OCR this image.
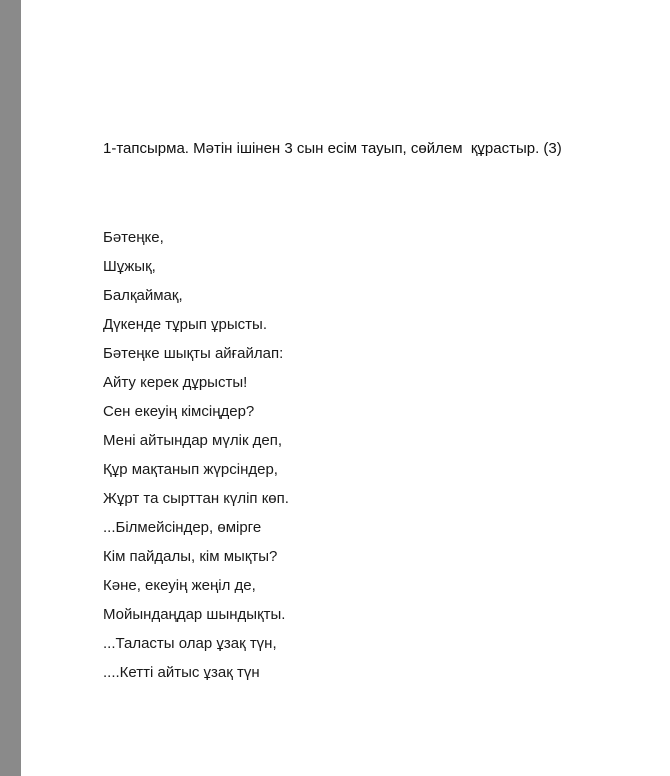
1-тапсырма. Мәтін ішінен 3 сын есім тауып, сөйлем  құрастыр. (3)

Бәтеңке,
Шұжық,
Балқаймақ,
Дүкенде тұрып ұрысты.
Бәтеңке шықты айғайлап:
Айту керек дұрысты!
Сен екеуің кімсіңдер?
Мені айтындар мүлік деп,
Құр мақтанып жүрсіндер,
Жұрт та сырттан күліп көп.
...Білмейсіндер, өмірге
Кім пайдалы, кім мықты?
Кәне, екеуің жеңіл де,
Мойындаңдар шындықты.
...Таласты олар ұзақ түн,
....Кетті айтыс ұзақ түн
